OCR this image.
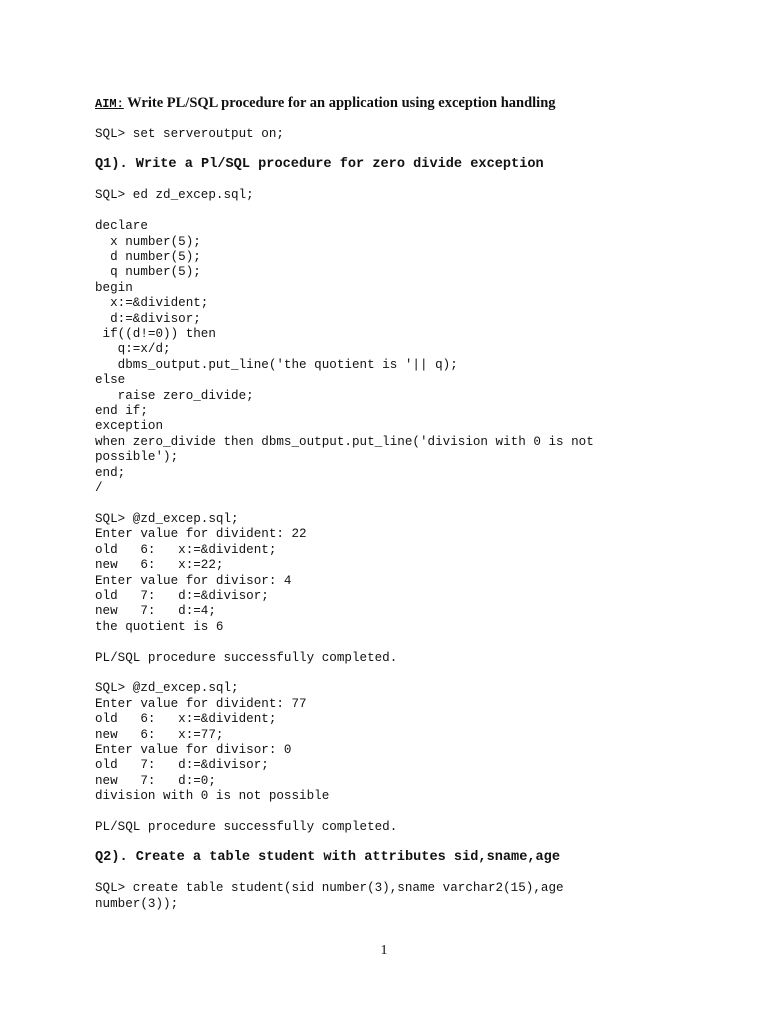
AIM: Write PL/SQL procedure for an application using exception handling
SQL> set serveroutput on;
Q1). Write a Pl/SQL procedure for zero divide exception
SQL> ed zd_excep.sql;
declare
x number(5);
d number(5);
q number(5);
begin
x:=&divident;
d:=&divisor;
if((d!=0)) then
q:=x/d;
dbms_output.put_line('the quotient is '|| q);
else
raise zero_divide;
end if;
exception
when zero_divide then dbms_output.put_line('division with 0 is not
possible');
end;
/
SQL> @zd_excep.sql;
Enter value for divident: 22
old   6:   x:=&divident;
new   6:   x:=22;
Enter value for divisor: 4
old   7:   d:=&divisor;
new   7:   d:=4;
the quotient is 6
PL/SQL procedure successfully completed.
SQL> @zd_excep.sql;
Enter value for divident: 77
old   6:   x:=&divident;
new   6:   x:=77;
Enter value for divisor: 0
old   7:   d:=&divisor;
new   7:   d:=0;
division with 0 is not possible
PL/SQL procedure successfully completed.
Q2). Create a table student with attributes sid,sname,age
SQL> create table student(sid number(3),sname varchar2(15),age
number(3));
1
